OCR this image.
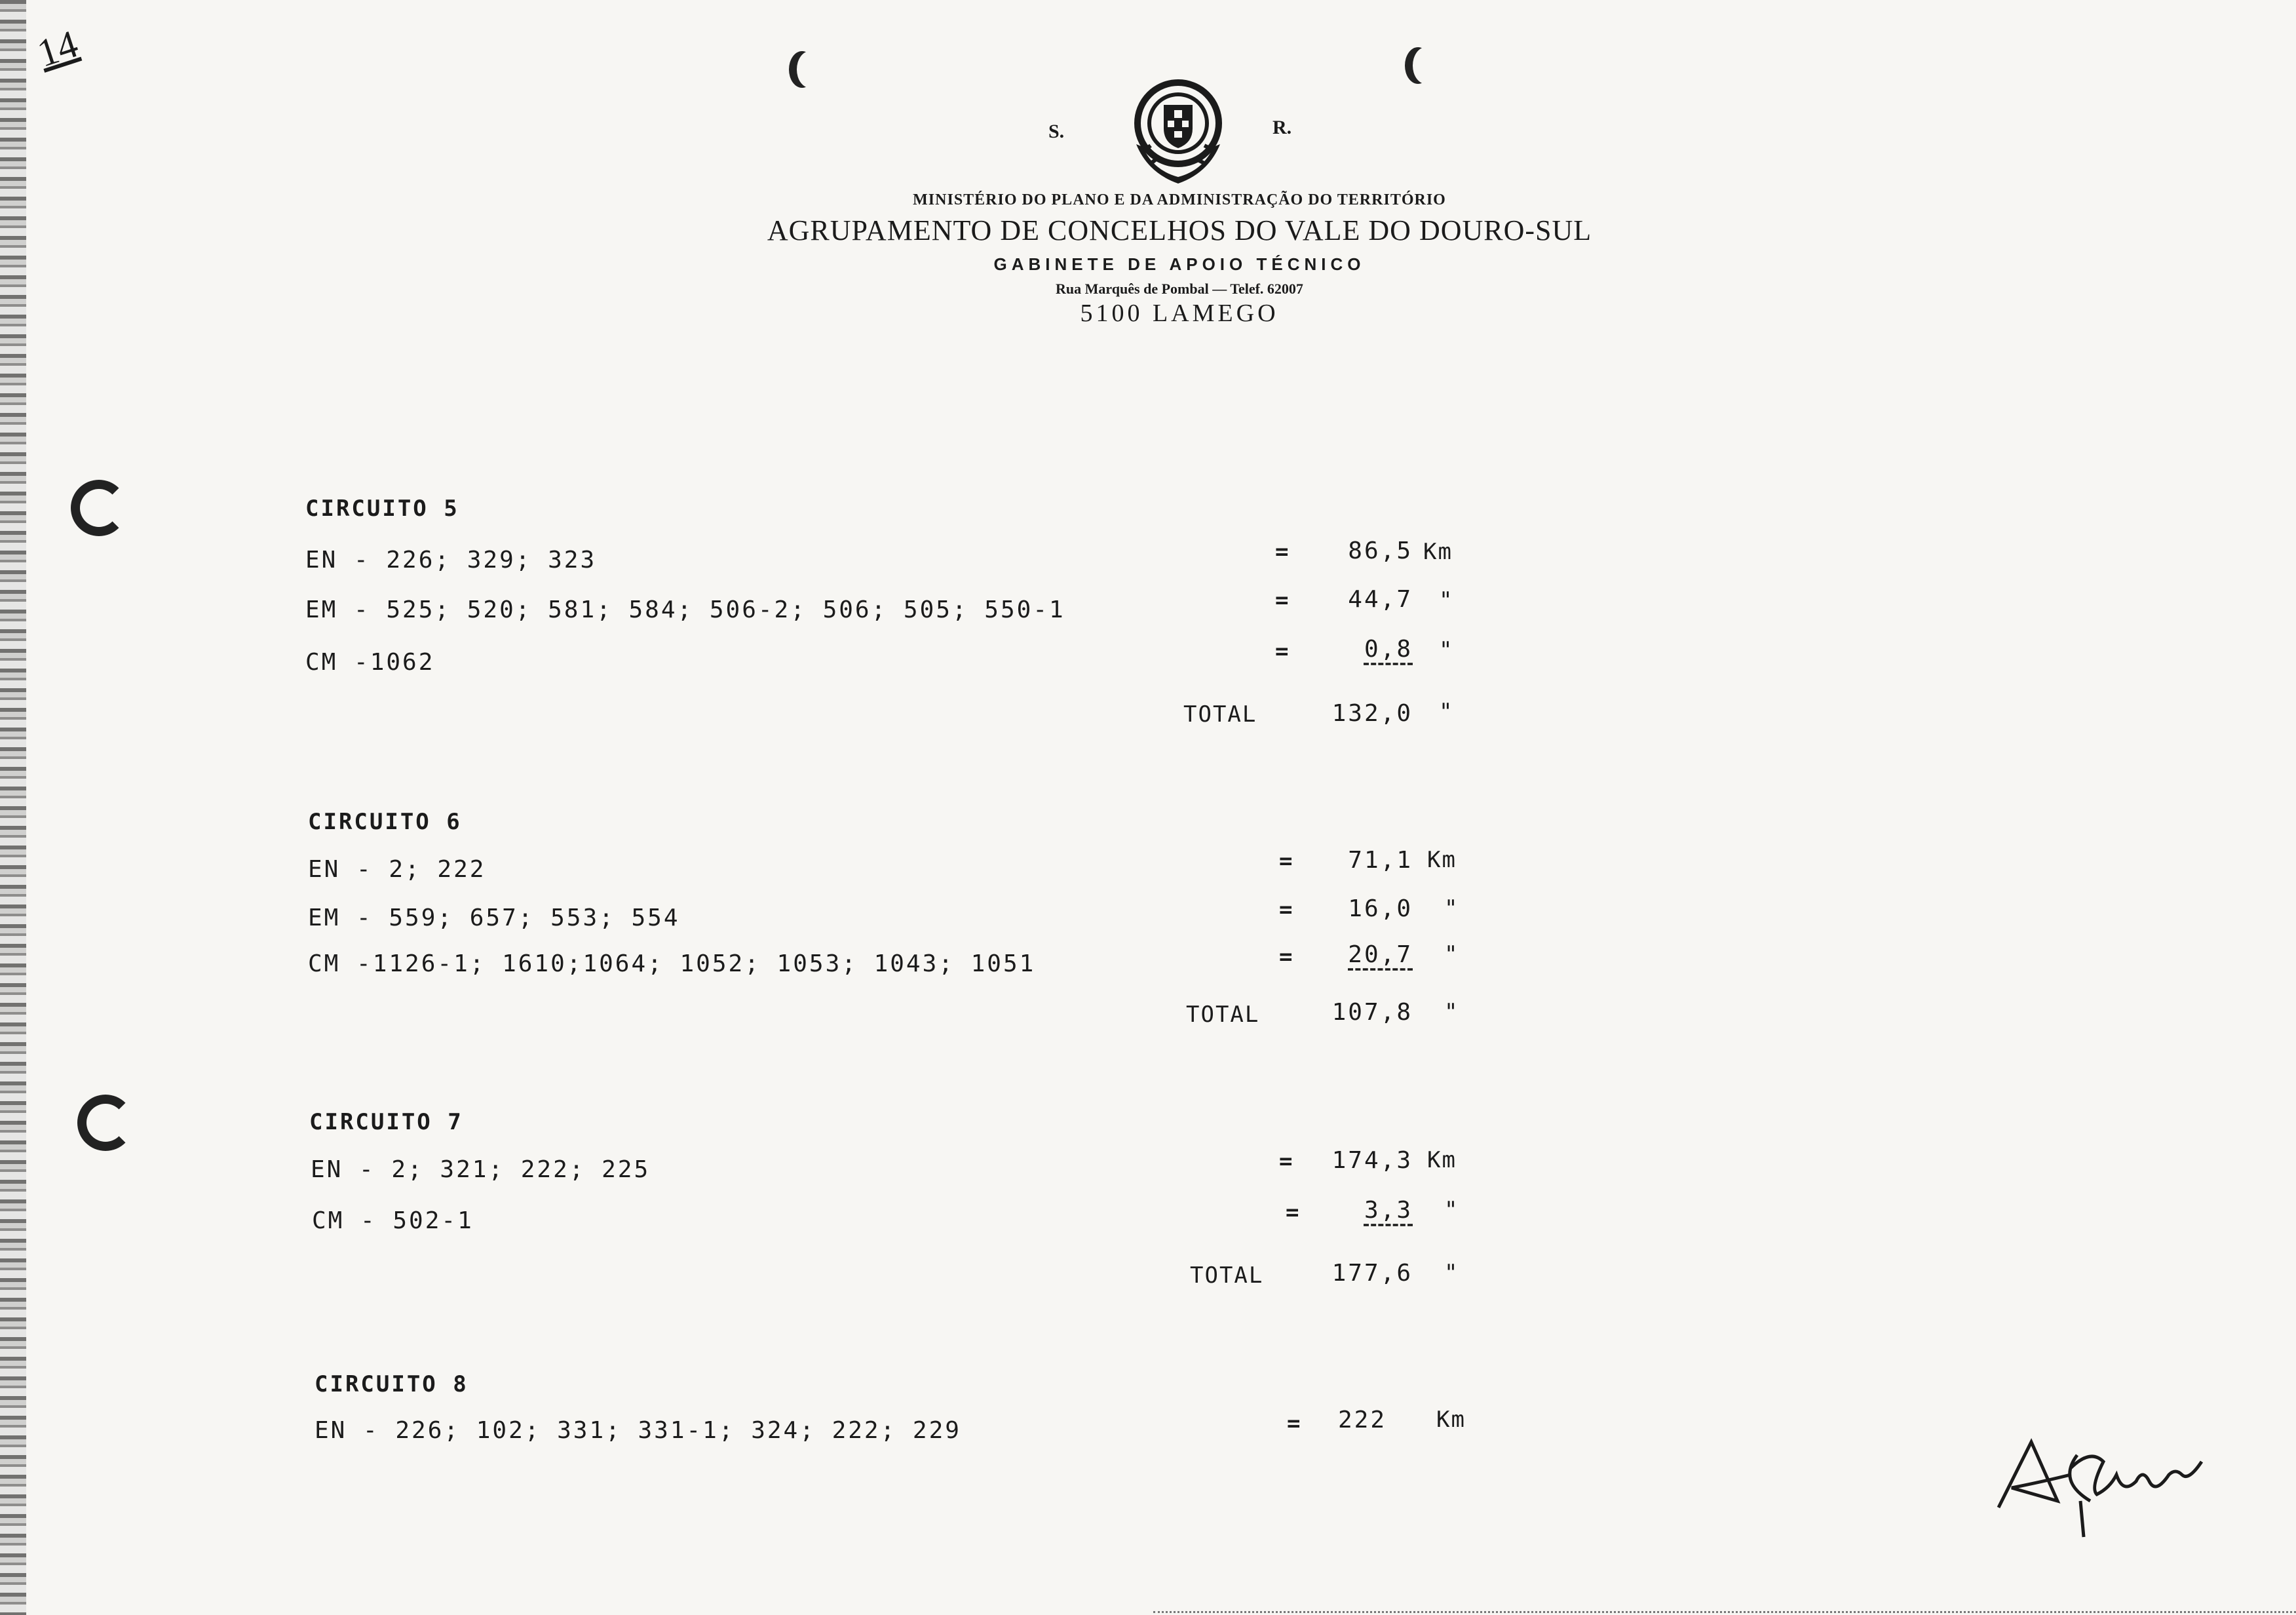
14
S.	R.
MINISTÉRIO DO PLANO E DA ADMINISTRAÇÃO DO TERRITÓRIO
AGRUPAMENTO DE CONCELHOS DO VALE DO DOURO-SUL
GABINETE DE APOIO TÉCNICO
Rua Marquês de Pombal — Telef. 62007
5100 LAMEGO
CIRCUITO 5
EN - 226; 329; 323	=	86,5 Km
EM - 525; 520; 581; 584; 506-2; 506; 505; 550-1	=	44,7 "
CM -1062	=	0,8 "
TOTAL	132,0 "
CIRCUITO 6
EN - 2; 222	=	71,1 Km
EM - 559; 657; 553; 554	=	16,0 "
CM -1126-1; 1610;1064; 1052; 1053; 1043; 1051	=	20,7 "
TOTAL	107,8 "
CIRCUITO 7
EN - 2; 321; 222; 225	=	174,3 Km
CM - 502-1	=	3,3 "
TOTAL	177,6 "
CIRCUITO 8
EN - 226; 102; 331; 331-1; 324; 222; 229	=	222 Km
